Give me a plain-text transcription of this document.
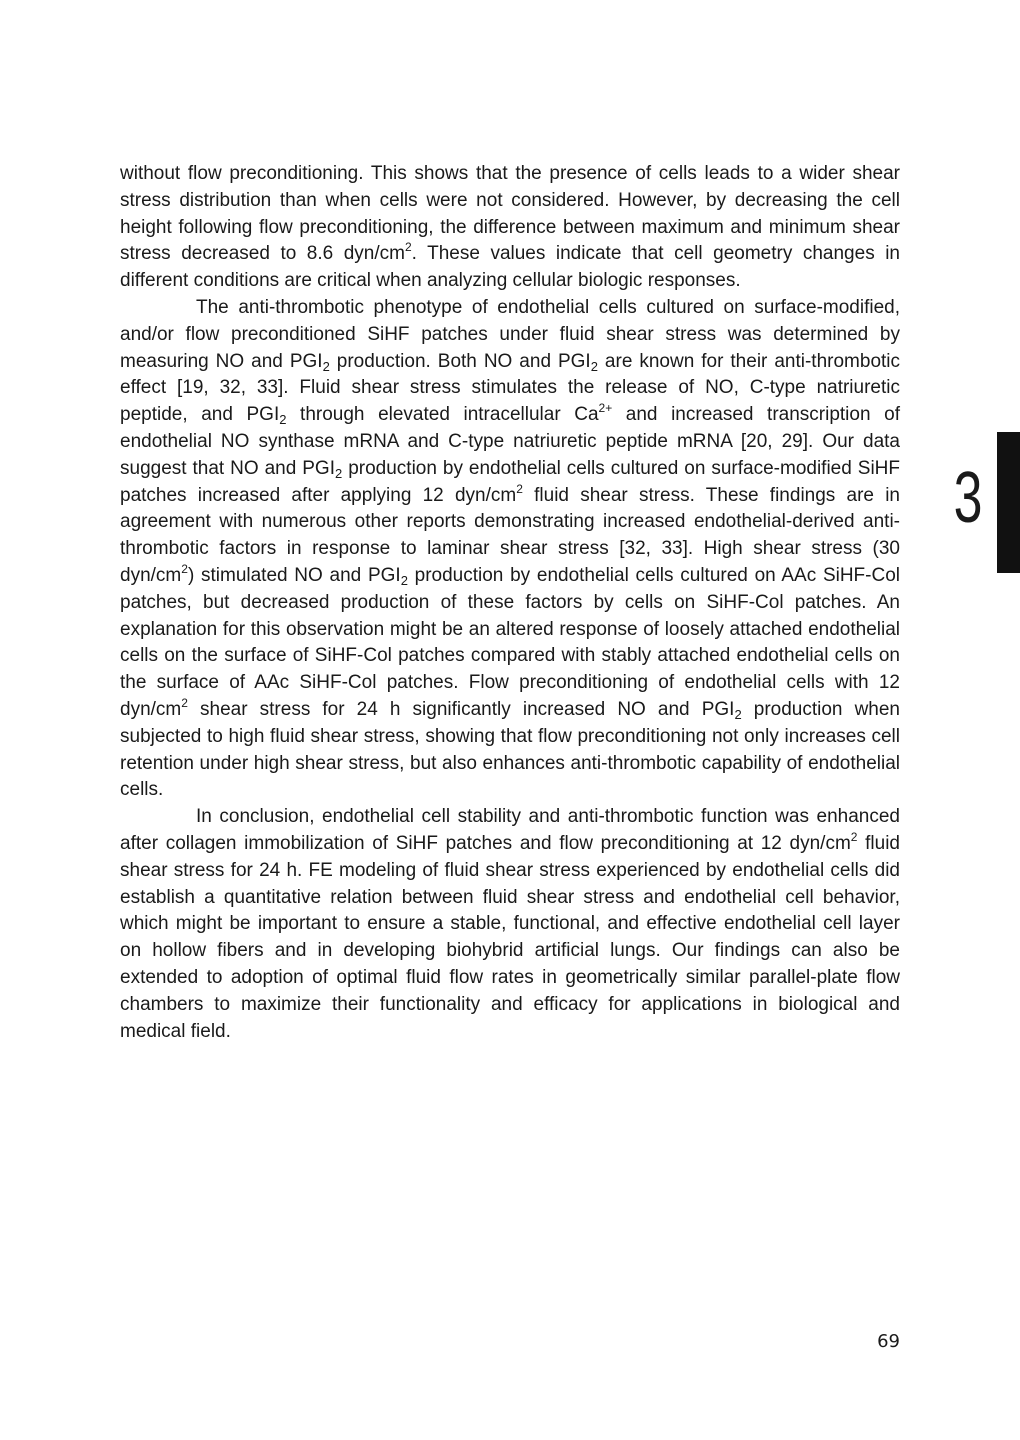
without flow preconditioning. This shows that the presence of cells leads to a wider shear stress distribution than when cells were not considered. However, by decreasing the cell height following flow preconditioning, the difference between maximum and minimum shear stress decreased to 8.6 dyn/$cm^2$. These values indicate that cell geometry changes in different conditions are critical when analyzing cellular biologic responses.

The anti-thrombotic phenotype of endothelial cells cultured on surface-modified, and/or flow preconditioned SiHF patches under fluid shear stress was determined by measuring NO and $PGI_2$ production. Both NO and $PGI_2$ are known for their anti-thrombotic effect [19, 32, 33]. Fluid shear stress stimulates the release of NO, C-type natriuretic peptide, and $PGI_2$ through elevated intracellular $Ca^{2+}$ and increased transcription of endothelial NO synthase mRNA and C-type natriuretic peptide mRNA [20, 29]. Our data suggest that NO and $PGI_2$ production by endothelial cells cultured on surface-modified SiHF patches increased after applying 12 dyn/$cm^2$ fluid shear stress. These findings are in agreement with numerous other reports demonstrating increased endothelial-derived anti-thrombotic factors in response to laminar shear stress [32, 33]. High shear stress (30 dyn/$cm^2$) stimulated NO and $PGI_2$ production by endothelial cells cultured on AAc SiHF-Col patches, but decreased production of these factors by cells on SiHF-Col patches. An explanation for this observation might be an altered response of loosely attached endothelial cells on the surface of SiHF-Col patches compared with stably attached endothelial cells on the surface of AAc SiHF-Col patches. Flow preconditioning of endothelial cells with 12 dyn/$cm^2$ shear stress for 24 h significantly increased NO and $PGI_2$ production when subjected to high fluid shear stress, showing that flow preconditioning not only increases cell retention under high shear stress, but also enhances anti-thrombotic capability of endothelial cells.

In conclusion, endothelial cell stability and anti-thrombotic function was enhanced after collagen immobilization of SiHF patches and flow preconditioning at 12 dyn/$cm^2$ fluid shear stress for 24 h. FE modeling of fluid shear stress experienced by endothelial cells did establish a quantitative relation between fluid shear stress and endothelial cell behavior, which might be important to ensure a stable, functional, and effective endothelial cell layer on hollow fibers and in developing biohybrid artificial lungs. Our findings can also be extended to adoption of optimal fluid flow rates in geometrically similar parallel-plate flow chambers to maximize their functionality and efficacy for applications in biological and medical field.

3
69
